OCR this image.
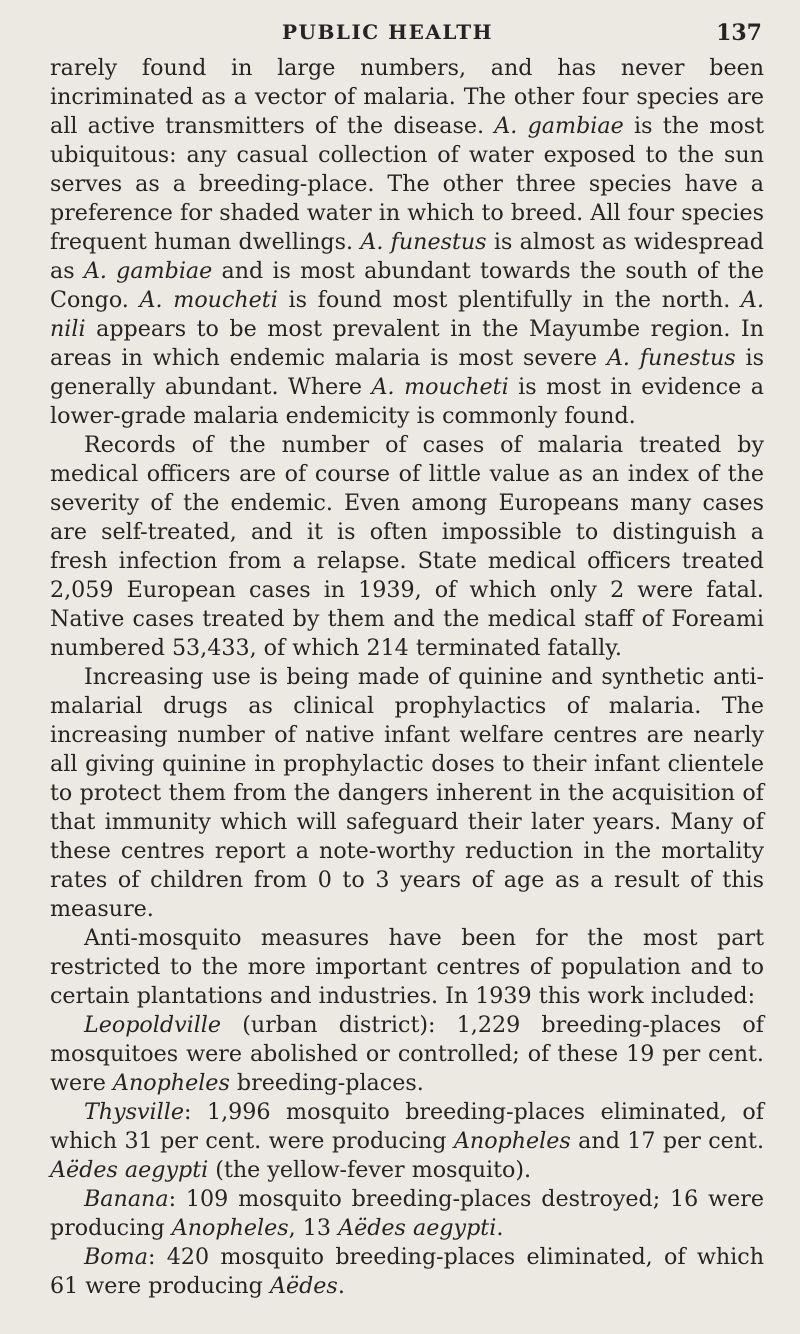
PUBLIC HEALTH	137

rarely found in large numbers, and has never been incriminated as a vector of malaria. The other four species are all active transmitters of the disease. A. gambiae is the most ubiquitous: any casual collection of water exposed to the sun serves as a breeding-place. The other three species have a preference for shaded water in which to breed. All four species frequent human dwellings. A. funestus is almost as widespread as A. gambiae and is most abundant towards the south of the Congo. A. moucheti is found most plentifully in the north. A. nili appears to be most prevalent in the Mayumbe region. In areas in which endemic malaria is most severe A. funestus is generally abundant. Where A. moucheti is most in evidence a lower-grade malaria endemicity is commonly found.

Records of the number of cases of malaria treated by medical officers are of course of little value as an index of the severity of the endemic. Even among Europeans many cases are self-treated, and it is often impossible to distinguish a fresh infection from a relapse. State medical officers treated 2,059 European cases in 1939, of which only 2 were fatal. Native cases treated by them and the medical staff of Foreami numbered 53,433, of which 214 terminated fatally.

Increasing use is being made of quinine and synthetic anti-malarial drugs as clinical prophylactics of malaria. The increasing number of native infant welfare centres are nearly all giving quinine in prophylactic doses to their infant clientele to protect them from the dangers inherent in the acquisition of that immunity which will safeguard their later years. Many of these centres report a note-worthy reduction in the mortality rates of children from 0 to 3 years of age as a result of this measure.

Anti-mosquito measures have been for the most part restricted to the more important centres of population and to certain plantations and industries. In 1939 this work included:

Leopoldville (urban district): 1,229 breeding-places of mosquitoes were abolished or controlled; of these 19 per cent. were Anopheles breeding-places.

Thysville: 1,996 mosquito breeding-places eliminated, of which 31 per cent. were producing Anopheles and 17 per cent. Aëdes aegypti (the yellow-fever mosquito).

Banana: 109 mosquito breeding-places destroyed; 16 were producing Anopheles, 13 Aëdes aegypti.

Boma: 420 mosquito breeding-places eliminated, of which 61 were producing Aëdes.
